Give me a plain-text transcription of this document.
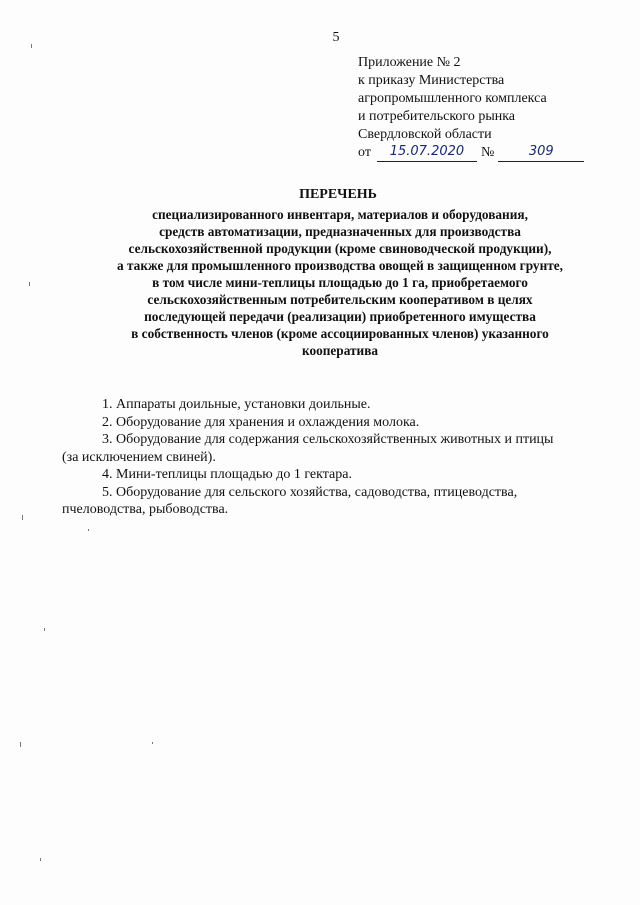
5
Приложение № 2
к приказу Министерства
агропромышленного комплекса
и потребительского рынка
Свердловской области
от	15.07.2020	№	309
ПЕРЕЧЕНЬ
специализированного инвентаря, материалов и оборудования,
средств автоматизации, предназначенных для производства
сельскохозяйственной продукции (кроме свиноводческой продукции),
а также для промышленного производства овощей в защищенном грунте,
в том числе мини-теплицы площадью до 1 га, приобретаемого
сельскохозяйственным потребительским кооперативом в целях
последующей передачи (реализации) приобретенного имущества
в собственность членов (кроме ассоциированных членов) указанного
кооператива
1. Аппараты доильные, установки доильные.
2. Оборудование для хранения и охлаждения молока.
3. Оборудование для содержания сельскохозяйственных животных и птицы
(за исключением свиней).
4. Мини-теплицы площадью до 1 гектара.
5. Оборудование для сельского хозяйства, садоводства, птицеводства,
пчеловодства, рыбоводства.
